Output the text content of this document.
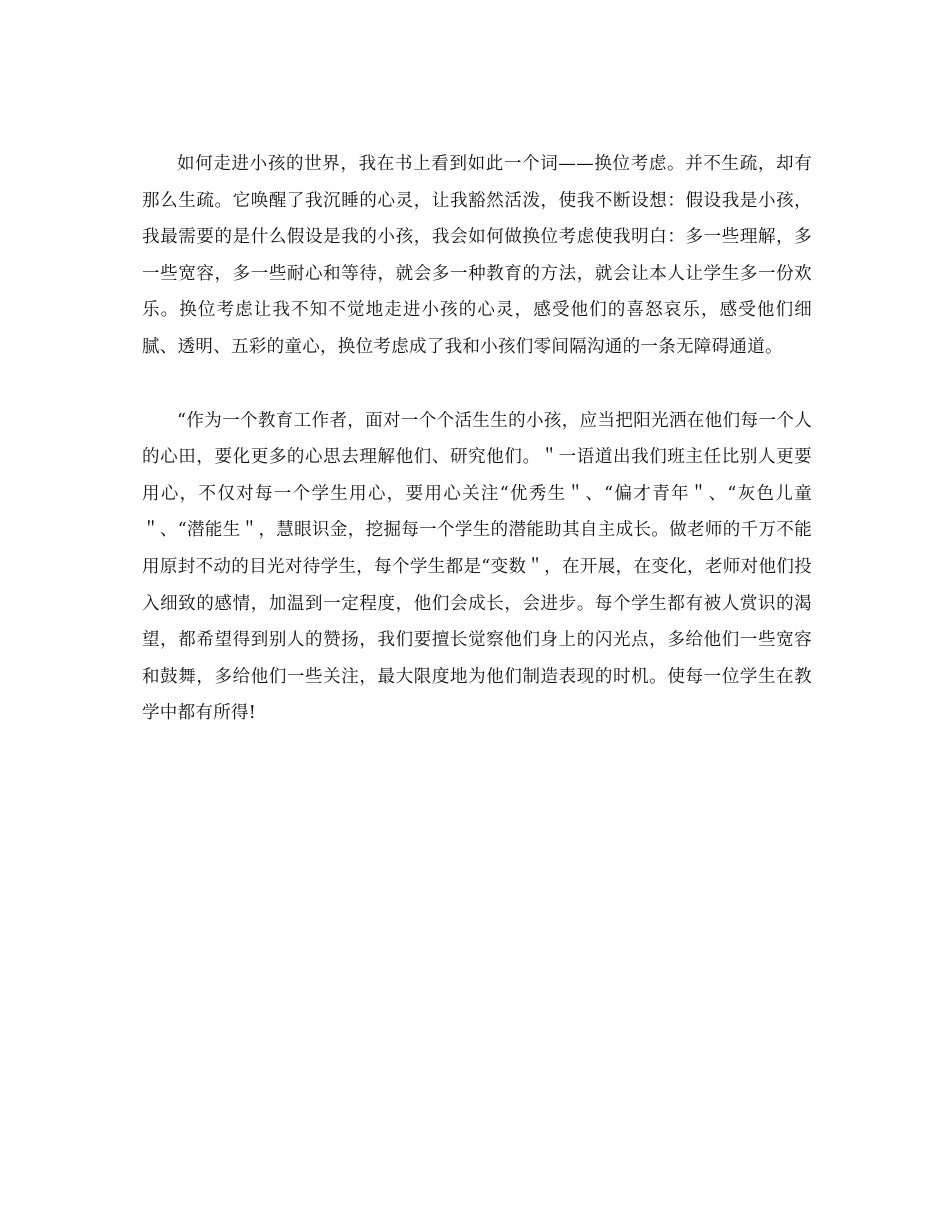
如何走进小孩的世界，我在书上看到如此一个词——换位考虑。并不生疏，却有那么生疏。它唤醒了我沉睡的心灵，让我豁然活泼，使我不断设想：假设我是小孩，我最需要的是什么假设是我的小孩，我会如何做换位考虑使我明白：多一些理解，多一些宽容，多一些耐心和等待，就会多一种教育的方法，就会让本人让学生多一份欢乐。换位考虑让我不知不觉地走进小孩的心灵，感受他们的喜怒哀乐，感受他们细腻、透明、五彩的童心，换位考虑成了我和小孩们零间隔沟通的一条无障碍通道。

“作为一个教育工作者，面对一个个活生生的小孩，应当把阳光洒在他们每一个人的心田，要化更多的心思去理解他们、研究他们。＂一语道出我们班主任比别人更要用心，不仅对每一个学生用心，要用心关注“优秀生＂、“偏才青年＂、“灰色儿童＂、“潜能生＂，慧眼识金，挖掘每一个学生的潜能助其自主成长。做老师的千万不能用原封不动的目光对待学生，每个学生都是“变数＂，在开展，在变化，老师对他们投入细致的感情，加温到一定程度，他们会成长，会进步。每个学生都有被人赏识的渴望，都希望得到别人的赞扬，我们要擅长觉察他们身上的闪光点，多给他们一些宽容和鼓舞，多给他们一些关注，最大限度地为他们制造表现的时机。使每一位学生在教学中都有所得!
